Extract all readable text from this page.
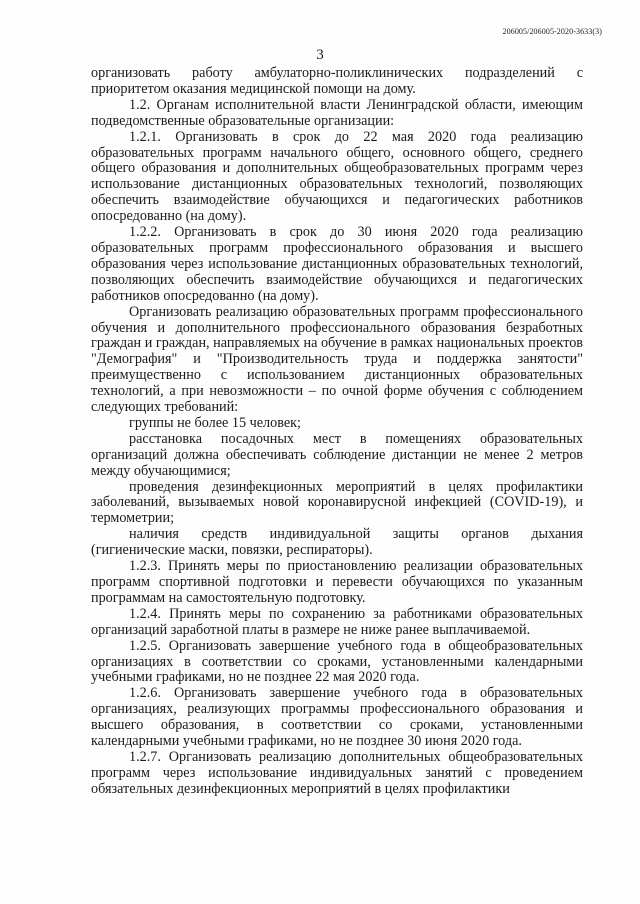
206005/206005-2020-3633(3)
3

организовать работу амбулаторно-поликлинических подразделений с приоритетом оказания медицинской помощи на дому.

1.2. Органам исполнительной власти Ленинградской области, имеющим подведомственные образовательные организации:

1.2.1. Организовать в срок до 22 мая 2020 года реализацию образовательных программ начального общего, основного общего, среднего общего образования и дополнительных общеобразовательных программ через использование дистанционных образовательных технологий, позволяющих обеспечить взаимодействие обучающихся и педагогических работников опосредованно (на дому).

1.2.2. Организовать в срок до 30 июня 2020 года реализацию образовательных программ профессионального образования и высшего образования через использование дистанционных образовательных технологий, позволяющих обеспечить взаимодействие обучающихся и педагогических работников опосредованно (на дому).

Организовать реализацию образовательных программ профессионального обучения и дополнительного профессионального образования безработных граждан и граждан, направляемых на обучение в рамках национальных проектов "Демография" и "Производительность труда и поддержка занятости" преимущественно с использованием дистанционных образовательных технологий, а при невозможности – по очной форме обучения с соблюдением следующих требований:

группы не более 15 человек;

расстановка посадочных мест в помещениях образовательных организаций должна обеспечивать соблюдение дистанции не менее 2 метров между обучающимися;

проведения дезинфекционных мероприятий в целях профилактики заболеваний, вызываемых новой коронавирусной инфекцией (COVID-19), и термометрии;

наличия средств индивидуальной защиты органов дыхания (гигиенические маски, повязки, респираторы).

1.2.3. Принять меры по приостановлению реализации образовательных программ спортивной подготовки и перевести обучающихся по указанным программам на самостоятельную подготовку.

1.2.4. Принять меры по сохранению за работниками образовательных организаций заработной платы в размере не ниже ранее выплачиваемой.

1.2.5. Организовать завершение учебного года в общеобразовательных организациях в соответствии со сроками, установленными календарными учебными графиками, но не позднее 22 мая 2020 года.

1.2.6. Организовать завершение учебного года в образовательных организациях, реализующих программы профессионального образования и высшего образования, в соответствии со сроками, установленными календарными учебными графиками, но не позднее 30 июня 2020 года.

1.2.7. Организовать реализацию дополнительных общеобразовательных программ через использование индивидуальных занятий с проведением обязательных дезинфекционных мероприятий в целях профилактики
